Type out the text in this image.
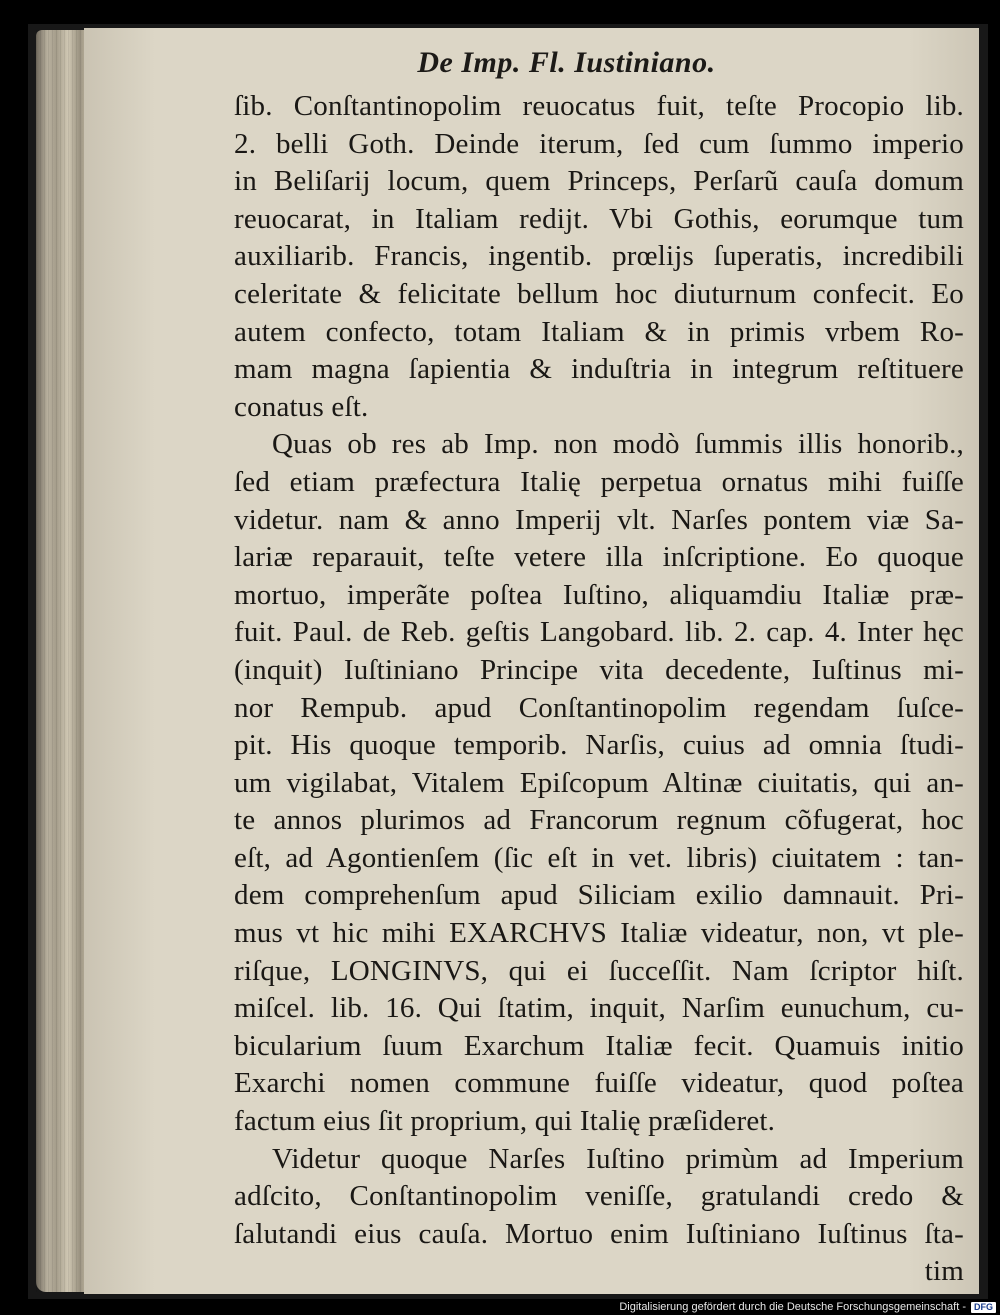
De Imp. Fl. Iustiniano.
ſib. Conſtantinopolim reuocatus fuit, teſte Procopio lib.
2. belli Goth. Deinde iterum, ſed cum ſummo imperio
in Beliſarij locum, quem Princeps, Perſarũ cauſa domum
reuocarat, in Italiam redijt. Vbi Gothis, eorumque tum
auxiliarib. Francis, ingentib. prœlijs ſuperatis, incredibili
celeritate & felicitate bellum hoc diuturnum confecit. Eo
autem confecto, totam Italiam & in primis vrbem Ro-
mam magna ſapientia & induſtria in integrum reſtituere
conatus eſt.
Quas ob res ab Imp. non modò ſummis illis honorib.,
ſed etiam præfectura Italię perpetua ornatus mihi fuiſſe
videtur. nam & anno Imperij vlt. Narſes pontem viæ Sa-
lariæ reparauit, teſte vetere illa inſcriptione. Eo quoque
mortuo, imperãte poſtea Iuſtino, aliquamdiu Italiæ præ-
fuit. Paul. de Reb. geſtis Langobard. lib. 2. cap. 4. Inter hęc
(inquit) Iuſtiniano Principe vita decedente, Iuſtinus mi-
nor Rempub. apud Conſtantinopolim regendam ſuſce-
pit. His quoque temporib. Narſis, cuius ad omnia ſtudi-
um vigilabat, Vitalem Epiſcopum Altinæ ciuitatis, qui an-
te annos plurimos ad Francorum regnum cõfugerat, hoc
eſt, ad Agontienſem (ſic eſt in vet. libris) ciuitatem : tan-
dem comprehenſum apud Siliciam exilio damnauit. Pri-
mus vt hic mihi EXARCHVS Italiæ videatur, non, vt ple-
riſque, LONGINVS, qui ei ſucceſſit. Nam ſcriptor hiſt.
miſcel. lib. 16. Qui ſtatim, inquit, Narſim eunuchum, cu-
bicularium ſuum Exarchum Italiæ fecit. Quamuis initio
Exarchi nomen commune fuiſſe videatur, quod poſtea
factum eius ſit proprium, qui Italię præſideret.
Videtur quoque Narſes Iuſtino primùm ad Imperium
adſcito, Conſtantinopolim veniſſe, gratulandi credo &
ſalutandi eius cauſa. Mortuo enim Iuſtiniano Iuſtinus ſta-
tim
Digitalisierung gefördert durch die Deutsche Forschungsgemeinschaft - DFG
